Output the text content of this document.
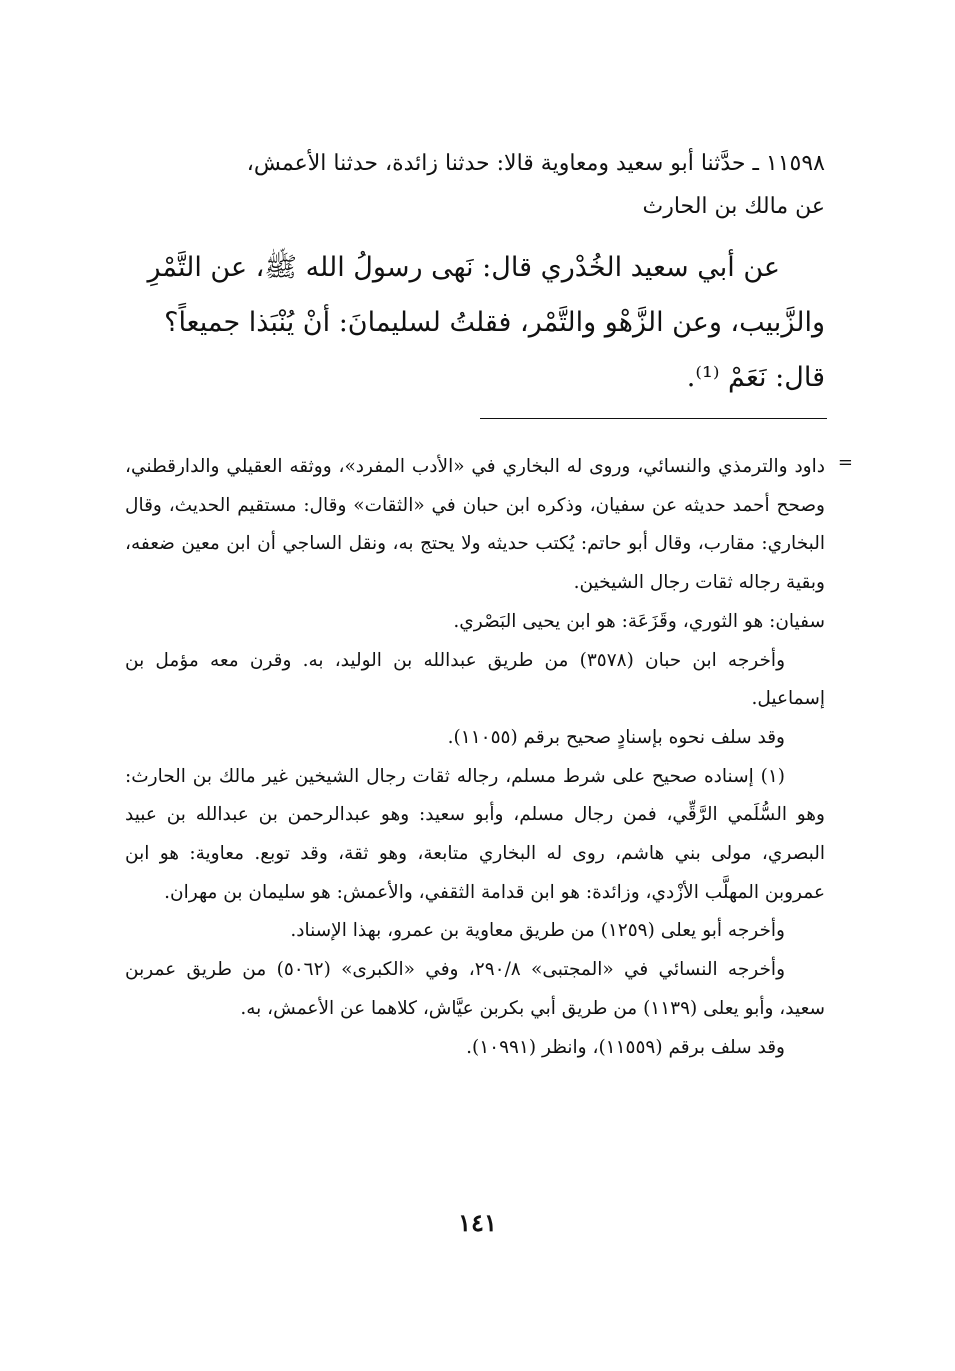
١١٥٩٨ ـ حدَّثنا أبو سعيد ومعاوية قالا: حدثنا زائدة، حدثنا الأعمش،
عن مالك بن الحارث
عن أبي سعيد الخُدْري قال: نَهى رسولُ الله ﷺ، عن التَّمْرِ
والزَّبيب، وعن الزَّهْو والتَّمْر، فقلتُ لسليمانَ: أنْ يُنْبَذا جميعاً؟
قال: نَعَمْ ⁽¹⁾.
=

داود والترمذي والنسائي، وروى له البخاري في «الأدب المفرد»، ووثقه العقيلي والدارقطني، وصحح أحمد حديثه عن سفيان، وذكره ابن حبان في «الثقات» وقال: مستقيم الحديث، وقال البخاري: مقارب، وقال أبو حاتم: يُكتب حديثه ولا يحتج به، ونقل الساجي أن ابن معين ضعفه، وبقية رجاله ثقات رجال الشيخين.

سفيان: هو الثوري، وقَزَعَة: هو ابن يحيى البَصْري.

وأخرجه ابن حبان (٣٥٧٨) من طريق عبدالله بن الوليد، به. وقرن معه مؤمل بن إسماعيل.

وقد سلف نحوه بإسنادٍ صحيح برقم (١١٠٥٥).

(١) إسناده صحيح على شرط مسلم، رجاله ثقات رجال الشيخين غير مالك بن الحارث: وهو السُّلَمي الرَّقِّي، فمن رجال مسلم، وأبو سعيد: وهو عبدالرحمن بن عبدالله بن عبيد البصري، مولى بني هاشم، روى له البخاري متابعة، وهو ثقة، وقد توبع. معاوية: هو ابن عمروبن المهلَّب الأزْدي، وزائدة: هو ابن قدامة الثقفي، والأعمش: هو سليمان بن مهران.

وأخرجه أبو يعلى (١٢٥٩) من طريق معاوية بن عمرو، بهذا الإسناد.

وأخرجه النسائي في «المجتبى» ٢٩٠/٨، وفي «الكبرى» (٥٠٦٢) من طريق عمربن سعيد، وأبو يعلى (١١٣٩) من طريق أبي بكربن عيَّاش، كلاهما عن الأعمش، به.

وقد سلف برقم (١١٥٥٩)، وانظر (١٠٩٩١).

١٤١
